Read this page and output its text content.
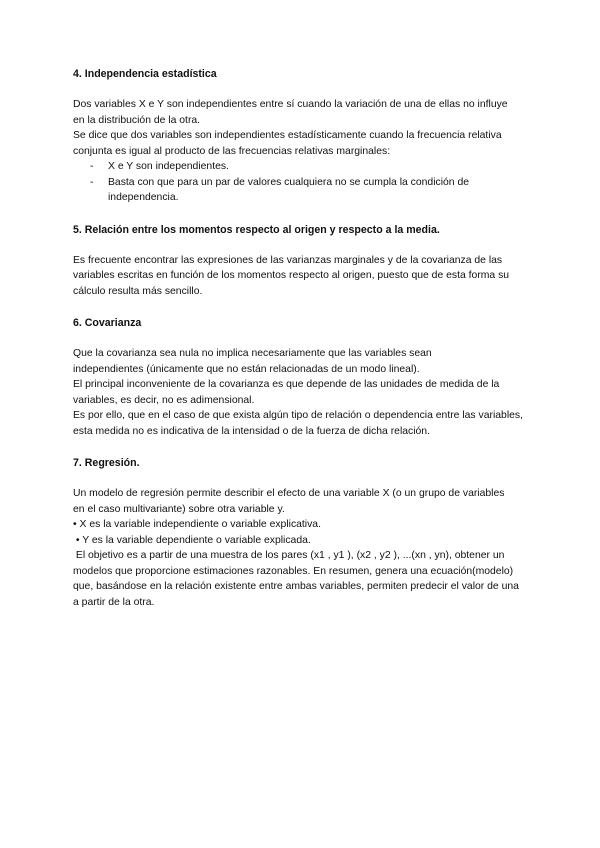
4. Independencia estadística

Dos variables X e Y son independientes entre sí cuando la variación de una de ellas no influye en la distribución de la otra.

Se dice que dos variables son independientes estadísticamente cuando la frecuencia relativa conjunta es igual al producto de las frecuencias relativas marginales:

- X e Y son independientes.
- Basta con que para un par de valores cualquiera no se cumpla la condición de independencia.

5. Relación entre los momentos respecto al origen y respecto a la media.

Es frecuente encontrar las expresiones de las varianzas marginales y de la covarianza de las variables escritas en función de los momentos respecto al origen, puesto que de esta forma su cálculo resulta más sencillo.

6. Covarianza

Que la covarianza sea nula no implica necesariamente que las variables sean independientes (únicamente que no están relacionadas de un modo lineal).

El principal inconveniente de la covarianza es que depende de las unidades de medida de la variables, es decir, no es adimensional.

Es por ello, que en el caso de que exista algún tipo de relación o dependencia entre las variables, esta medida no es indicativa de la intensidad o de la fuerza de dicha relación.

7. Regresión.

Un modelo de regresión permite describir el efecto de una variable X (o un grupo de variables en el caso multivariante) sobre otra variable y.

• X es la variable independiente o variable explicativa.

• Y es la variable dependiente o variable explicada.

El objetivo es a partir de una muestra de los pares (x1 , y1 ), (x2 , y2 ), ...(xn , yn), obtener un modelos que proporcione estimaciones razonables. En resumen, genera una ecuación(modelo) que, basándose en la relación existente entre ambas variables, permiten predecir el valor de una a partir de la otra.
